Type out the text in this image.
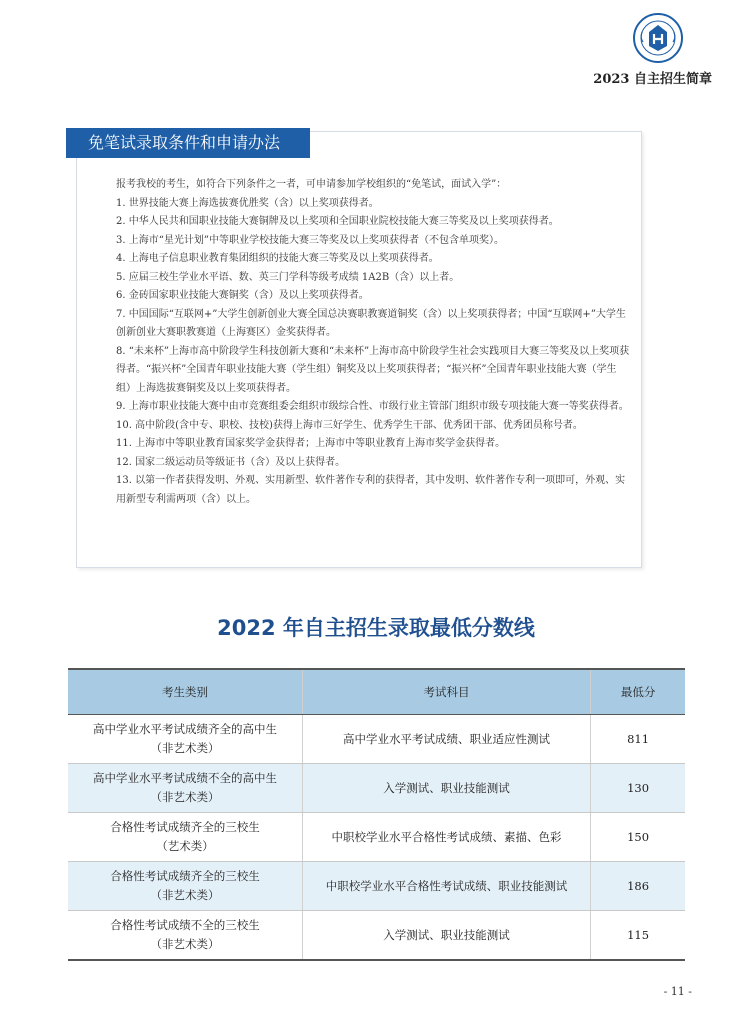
2023 自主招生简章
免笔试录取条件和申请办法

报考我校的考生，如符合下列条件之一者，可申请参加学校组织的“免笔试，面试入学”：

1. 世界技能大赛上海选拔赛优胜奖（含）以上奖项获得者。

2. 中华人民共和国职业技能大赛铜牌及以上奖项和全国职业院校技能大赛三等奖及以上奖项获得者。

3. 上海市“星光计划”中等职业学校技能大赛三等奖及以上奖项获得者（不包含单项奖）。

4. 上海电子信息职业教育集团组织的技能大赛三等奖及以上奖项获得者。

5. 应届三校生学业水平语、数、英三门学科等级考成绩 1A2B（含）以上者。

6. 金砖国家职业技能大赛铜奖（含）及以上奖项获得者。

7. 中国国际“互联网+”大学生创新创业大赛全国总决赛职教赛道铜奖（含）以上奖项获得者；中国“互联网+”大学生创新创业大赛职教赛道（上海赛区）金奖获得者。

8. “未来杯”上海市高中阶段学生科技创新大赛和“未来杯”上海市高中阶段学生社会实践项目大赛三等奖及以上奖项获得者。“振兴杯”全国青年职业技能大赛（学生组）铜奖及以上奖项获得者；“振兴杯”全国青年职业技能大赛（学生组）上海选拔赛铜奖及以上奖项获得者。

9. 上海市职业技能大赛中由市竞赛组委会组织市级综合性、市级行业主管部门组织市级专项技能大赛一等奖获得者。

10. 高中阶段(含中专、职校、技校)获得上海市三好学生、优秀学生干部、优秀团干部、优秀团员称号者。

11. 上海市中等职业教育国家奖学金获得者；上海市中等职业教育上海市奖学金获得者。

12. 国家二级运动员等级证书（含）及以上获得者。

13. 以第一作者获得发明、外观、实用新型、软件著作专利的获得者，其中发明、软件著作专利一项即可，外观、实用新型专利需两项（含）以上。

2022 年自主招生录取最低分数线
考生类别	考试科目	最低分

高中学业水平考试成绩齐全的高中生
（非艺术类）	高中学业水平考试成绩、职业适应性测试	811

高中学业水平考试成绩不全的高中生
（非艺术类）	入学测试、职业技能测试	130

合格性考试成绩齐全的三校生
（艺术类）	中职校学业水平合格性考试成绩、素描、色彩	150

合格性考试成绩齐全的三校生
（非艺术类）	中职校学业水平合格性考试成绩、职业技能测试	186

合格性考试成绩不全的三校生
（非艺术类）	入学测试、职业技能测试	115
- 11 -
